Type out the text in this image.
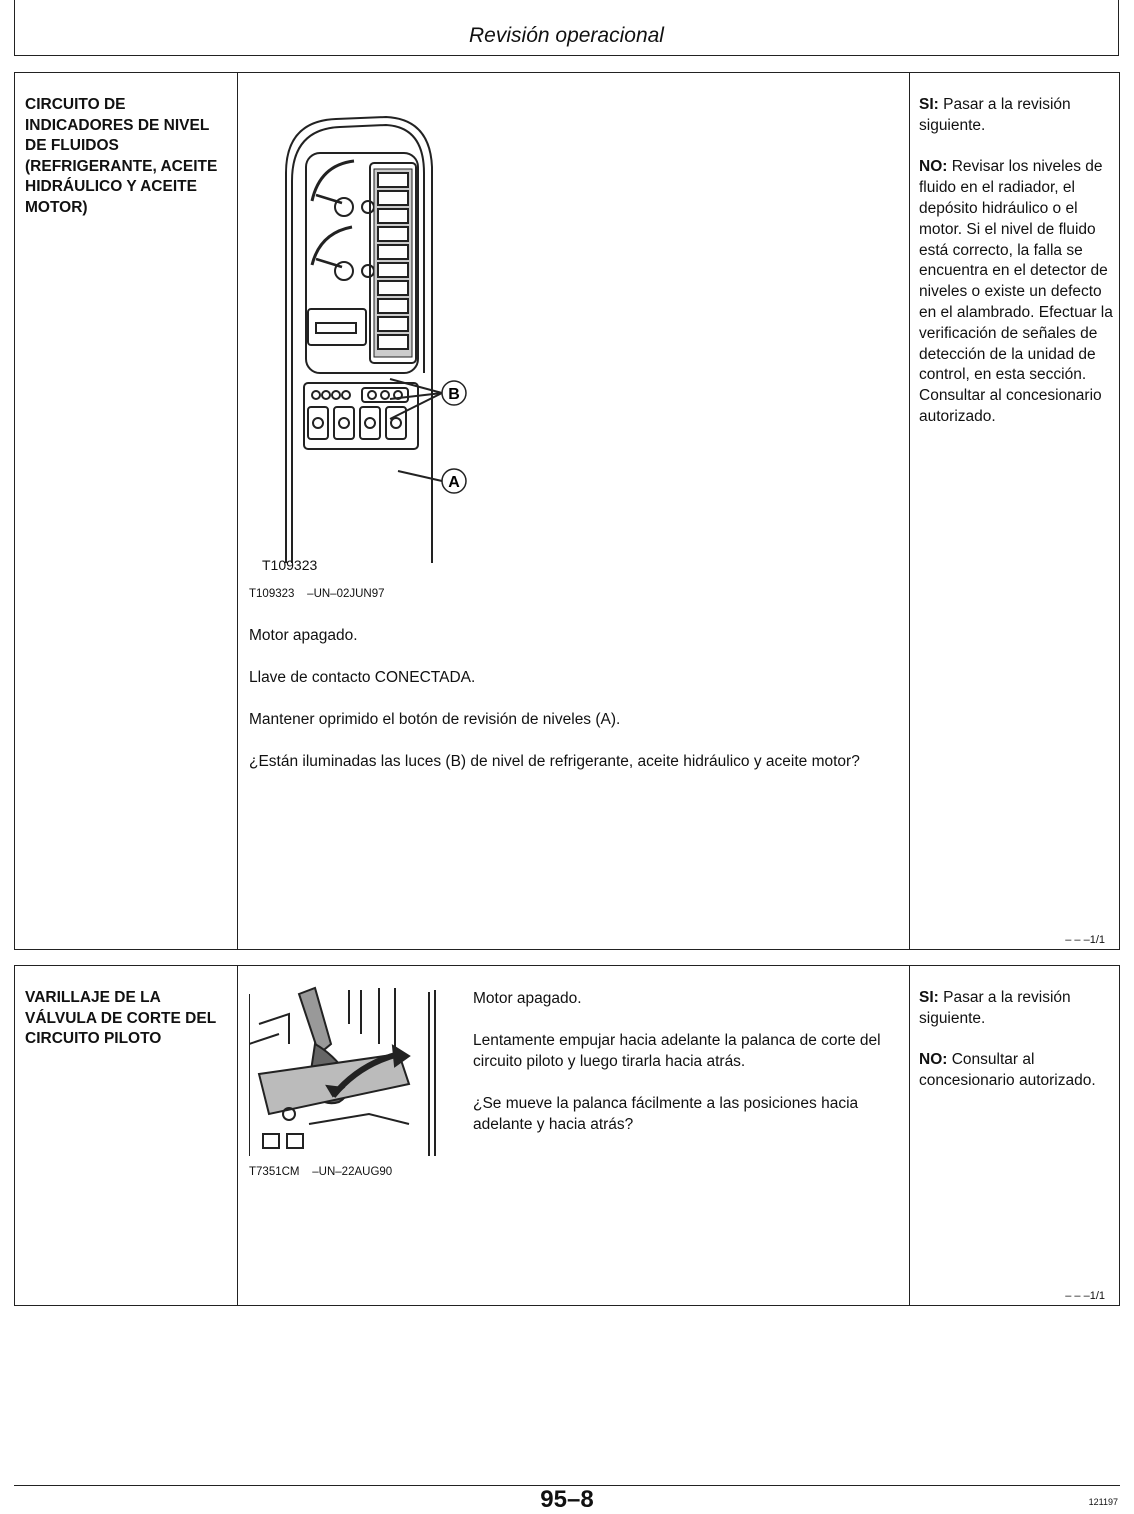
Revisión operacional
CIRCUITO DE INDICADORES DE NIVEL DE FLUIDOS (REFRIGERANTE, ACEITE HIDRÁULICO Y ACEITE MOTOR)
B
A
T109323
T109323    –UN–02JUN97

Motor apagado.

Llave de contacto CONECTADA.

Mantener oprimido el botón de revisión de niveles (A).

¿Están iluminadas las luces (B) de nivel de refrigerante, aceite hidráulico y aceite motor?

SI: Pasar a la revisión siguiente.

NO: Revisar los niveles de fluido en el radiador, el depósito hidráulico o el motor. Si el nivel de fluido está correcto, la falla se encuentra en el detector de niveles o existe un defecto en el alambrado. Efectuar la verificación de señales de detección de la unidad de control, en esta sección. Consultar al concesionario autorizado.

– – –1/1
VARILLAJE DE LA VÁLVULA DE CORTE DEL CIRCUITO PILOTO
T7351CM    –UN–22AUG90

Motor apagado.

Lentamente empujar hacia adelante la palanca de corte del circuito piloto y luego tirarla hacia atrás.

¿Se mueve la palanca fácilmente a las posiciones hacia adelante y hacia atrás?

SI: Pasar a la revisión siguiente.

NO: Consultar al concesionario autorizado.

– – –1/1
95–8	121197
